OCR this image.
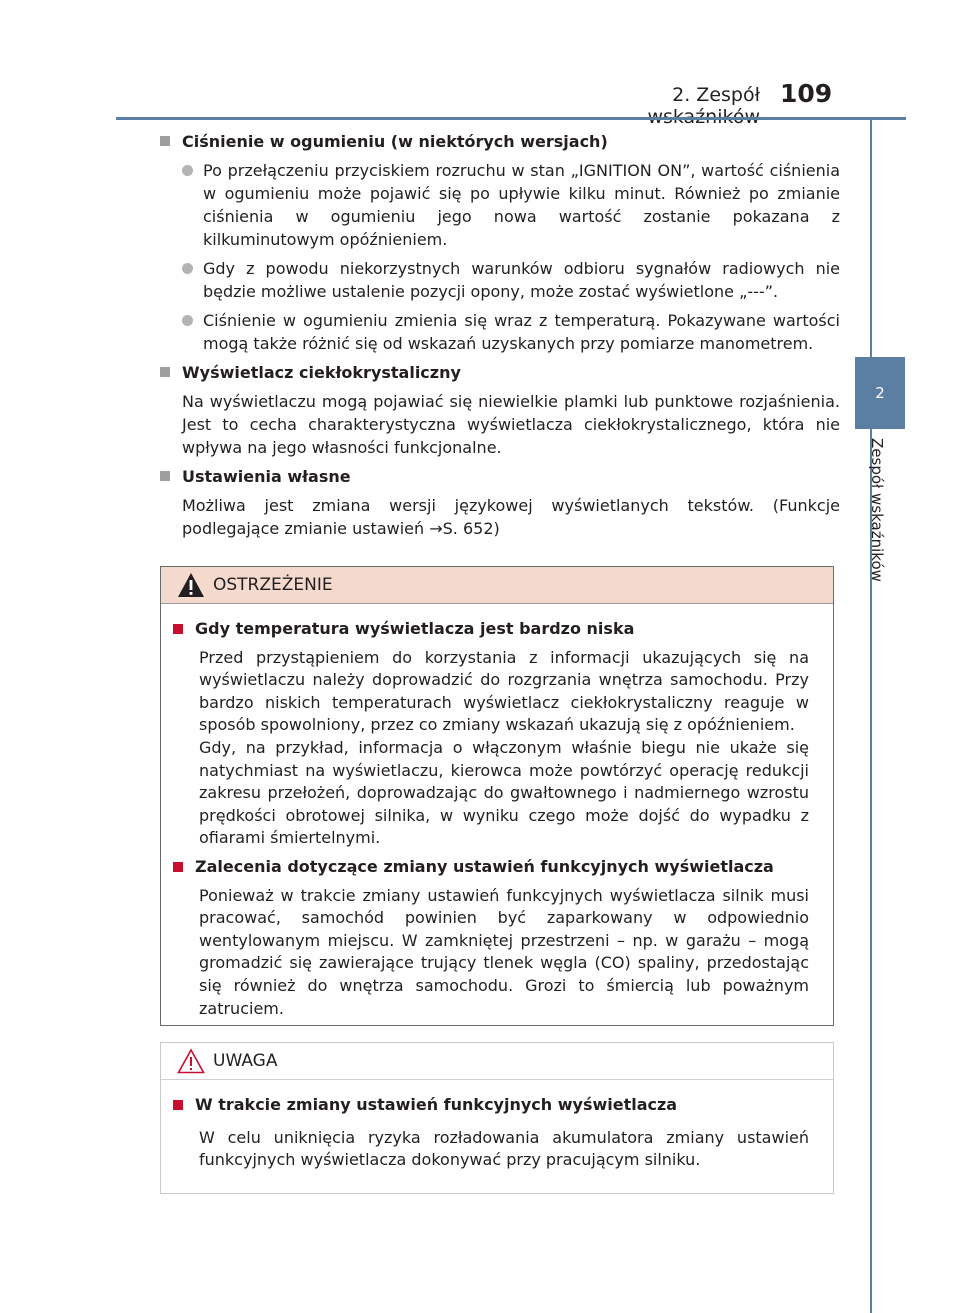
2. Zespół 109
2
Zespół wskaźników
Ciśnienie w ogumieniu (w niektórych wersjach)
Po przełączeniu przyciskiem rozruchu w stan „IGNITION ON”, wartość ciśnienia w ogumieniu może pojawić się po upływie kilku minut. Również po zmianie ciśnienia w ogumieniu jego nowa wartość zostanie pokazana z kilkuminutowym opóźnieniem.
Gdy z powodu niekorzystnych warunków odbioru sygnałów radiowych nie będzie możliwe ustalenie pozycji opony, może zostać wyświetlone „---”.
Ciśnienie w ogumieniu zmienia się wraz z temperaturą. Pokazywane wartości mogą także różnić się od wskazań uzyskanych przy pomiarze manometrem.
Wyświetlacz ciekłokrystaliczny
Na wyświetlaczu mogą pojawiać się niewielkie plamki lub punktowe rozjaśnienia. Jest to cecha charakterystyczna wyświetlacza ciekłokrystalicznego, która nie wpływa na jego własności funkcjonalne.
Ustawienia własne
Możliwa jest zmiana wersji językowej wyświetlanych tekstów. (Funkcje podlegające zmianie ustawień →S. 652)
OSTRZEŻENIE
Gdy temperatura wyświetlacza jest bardzo niska
Przed przystąpieniem do korzystania z informacji ukazujących się na wyświetlaczu należy doprowadzić do rozgrzania wnętrza samochodu. Przy bardzo niskich temperaturach wyświetlacz ciekłokrystaliczny reaguje w sposób spowolniony, przez co zmiany wskazań ukazują się z opóźnieniem.
Gdy, na przykład, informacja o włączonym właśnie biegu nie ukaże się natychmiast na wyświetlaczu, kierowca może powtórzyć operację redukcji zakresu przełożeń, doprowadzając do gwałtownego i nadmiernego wzrostu prędkości obrotowej silnika, w wyniku czego może dojść do wypadku z ofiarami śmiertelnymi.
Zalecenia dotyczące zmiany ustawień funkcyjnych wyświetlacza
Ponieważ w trakcie zmiany ustawień funkcyjnych wyświetlacza silnik musi pracować, samochód powinien być zaparkowany w odpowiednio wentylowanym miejscu. W zamkniętej przestrzeni – np. w garażu – mogą gromadzić się zawierające trujący tlenek węgla (CO) spaliny, przedostając się również do wnętrza samochodu. Grozi to śmiercią lub poważnym zatruciem.
UWAGA
W trakcie zmiany ustawień funkcyjnych wyświetlacza
W celu uniknięcia ryzyka rozładowania akumulatora zmiany ustawień funkcyjnych wyświetlacza dokonywać przy pracującym silniku.
